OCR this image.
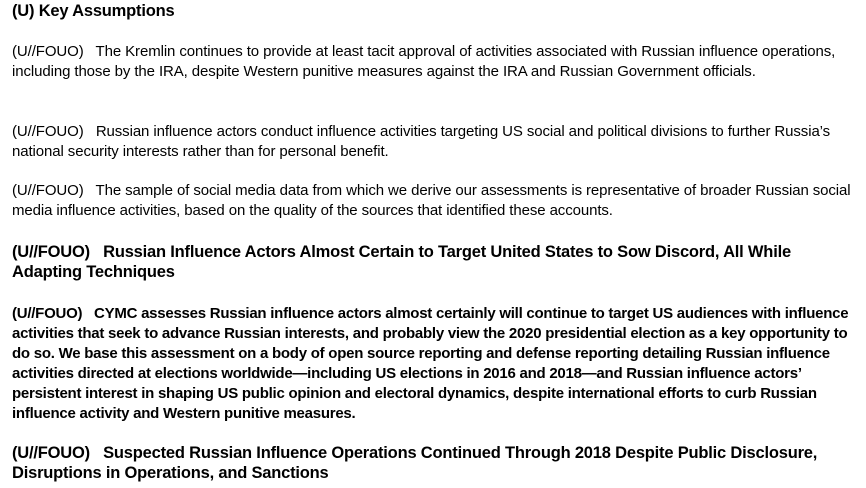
(U) Key Assumptions
(U//FOUO)   The Kremlin continues to provide at least tacit approval of activities associated with Russian influence operations, including those by the IRA, despite Western punitive measures against the IRA and Russian Government officials.
(U//FOUO)   Russian influence actors conduct influence activities targeting US social and political divisions to further Russia’s national security interests rather than for personal benefit.
(U//FOUO)   The sample of social media data from which we derive our assessments is representative of broader Russian social media influence activities, based on the quality of the sources that identified these accounts.
(U//FOUO)   Russian Influence Actors Almost Certain to Target United States to Sow Discord, All While Adapting Techniques
(U//FOUO)   CYMC assesses Russian influence actors almost certainly will continue to target US audiences with influence activities that seek to advance Russian interests, and probably view the 2020 presidential election as a key opportunity to do so. We base this assessment on a body of open source reporting and defense reporting detailing Russian influence activities directed at elections worldwide—including US elections in 2016 and 2018—and Russian influence actors’ persistent interest in shaping US public opinion and electoral dynamics, despite international efforts to curb Russian influence activity and Western punitive measures.
(U//FOUO)   Suspected Russian Influence Operations Continued Through 2018 Despite Public Disclosure, Disruptions in Operations, and Sanctions
